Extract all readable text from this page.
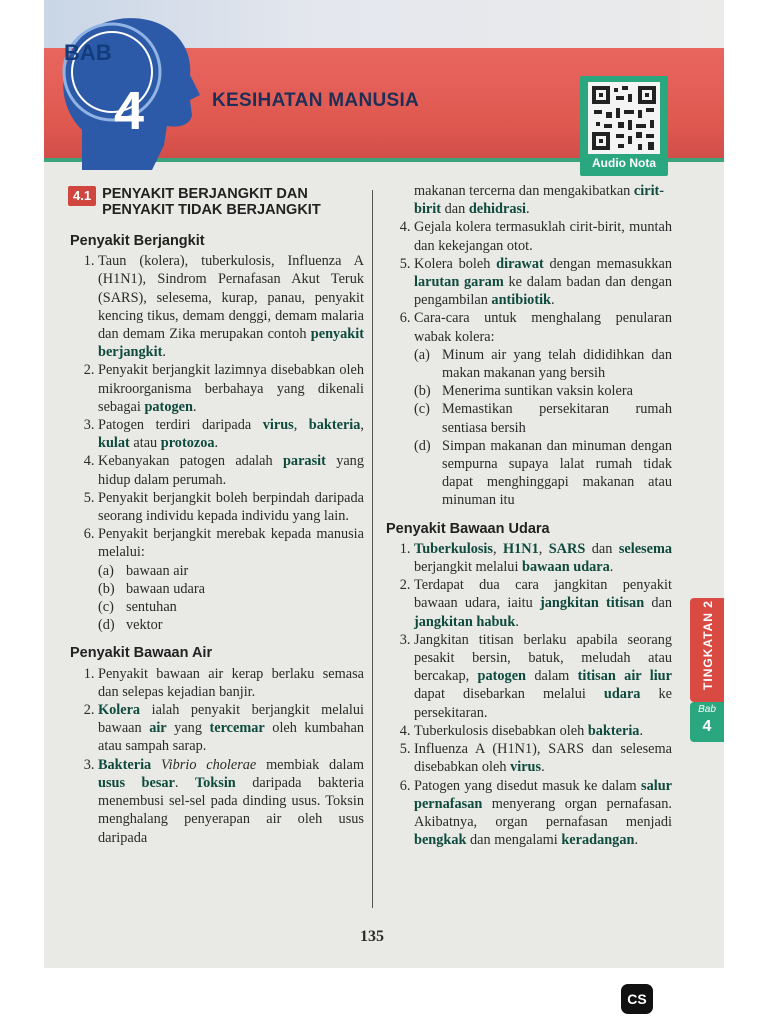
BAB
4	KESIHATAN MANUSIA
Audio Nota
4.1 PENYAKIT BERJANGKIT DAN
PENYAKIT TIDAK BERJANGKIT
Penyakit Berjangkit
1. Taun (kolera), tuberkulosis, Influenza A (H1N1), Sindrom Pernafasan Akut Teruk (SARS), selesema, kurap, panau, penyakit kencing tikus, demam denggi, demam malaria dan demam Zika merupakan contoh penyakit berjangkit.
2. Penyakit berjangkit lazimnya disebabkan oleh mikroorganisma berbahaya yang dikenali sebagai patogen.
3. Patogen terdiri daripada virus, bakteria, kulat atau protozoa.
4. Kebanyakan patogen adalah parasit yang hidup dalam perumah.
5. Penyakit berjangkit boleh berpindah daripada seorang individu kepada individu yang lain.
6. Penyakit berjangkit merebak kepada manusia melalui:
(a) bawaan air
(b) bawaan udara
(c) sentuhan
(d) vektor
Penyakit Bawaan Air
1. Penyakit bawaan air kerap berlaku semasa dan selepas kejadian banjir.
2. Kolera ialah penyakit berjangkit melalui bawaan air yang tercemar oleh kumbahan atau sampah sarap.
3. Bakteria Vibrio cholerae membiak dalam usus besar. Toksin daripada bakteria menembusi sel-sel pada dinding usus. Toksin menghalang penyerapan air oleh usus daripada
makanan tercerna dan mengakibatkan cirit-birit dan dehidrasi.
4. Gejala kolera termasuklah cirit-birit, muntah dan kekejangan otot.
5. Kolera boleh dirawat dengan memasukkan larutan garam ke dalam badan dan dengan pengambilan antibiotik.
6. Cara-cara untuk menghalang penularan wabak kolera:
(a) Minum air yang telah dididihkan dan makan makanan yang bersih
(b) Menerima suntikan vaksin kolera
(c) Memastikan persekitaran rumah sentiasa bersih
(d) Simpan makanan dan minuman dengan sempurna supaya lalat rumah tidak dapat menghinggapi makanan atau minuman itu
Penyakit Bawaan Udara
1. Tuberkulosis, H1N1, SARS dan selesema berjangkit melalui bawaan udara.
2. Terdapat dua cara jangkitan penyakit bawaan udara, iaitu jangkitan titisan dan jangkitan habuk.
3. Jangkitan titisan berlaku apabila seorang pesakit bersin, batuk, meludah atau bercakap, patogen dalam titisan air liur dapat disebarkan melalui udara ke persekitaran.
4. Tuberkulosis disebabkan oleh bakteria.
5. Influenza A (H1N1), SARS dan selesema disebabkan oleh virus.
6. Patogen yang disedut masuk ke dalam salur pernafasan menyerang organ pernafasan. Akibatnya, organ pernafasan menjadi bengkak dan mengalami keradangan.
TINGKATAN 2
Bab
4
135
CS
